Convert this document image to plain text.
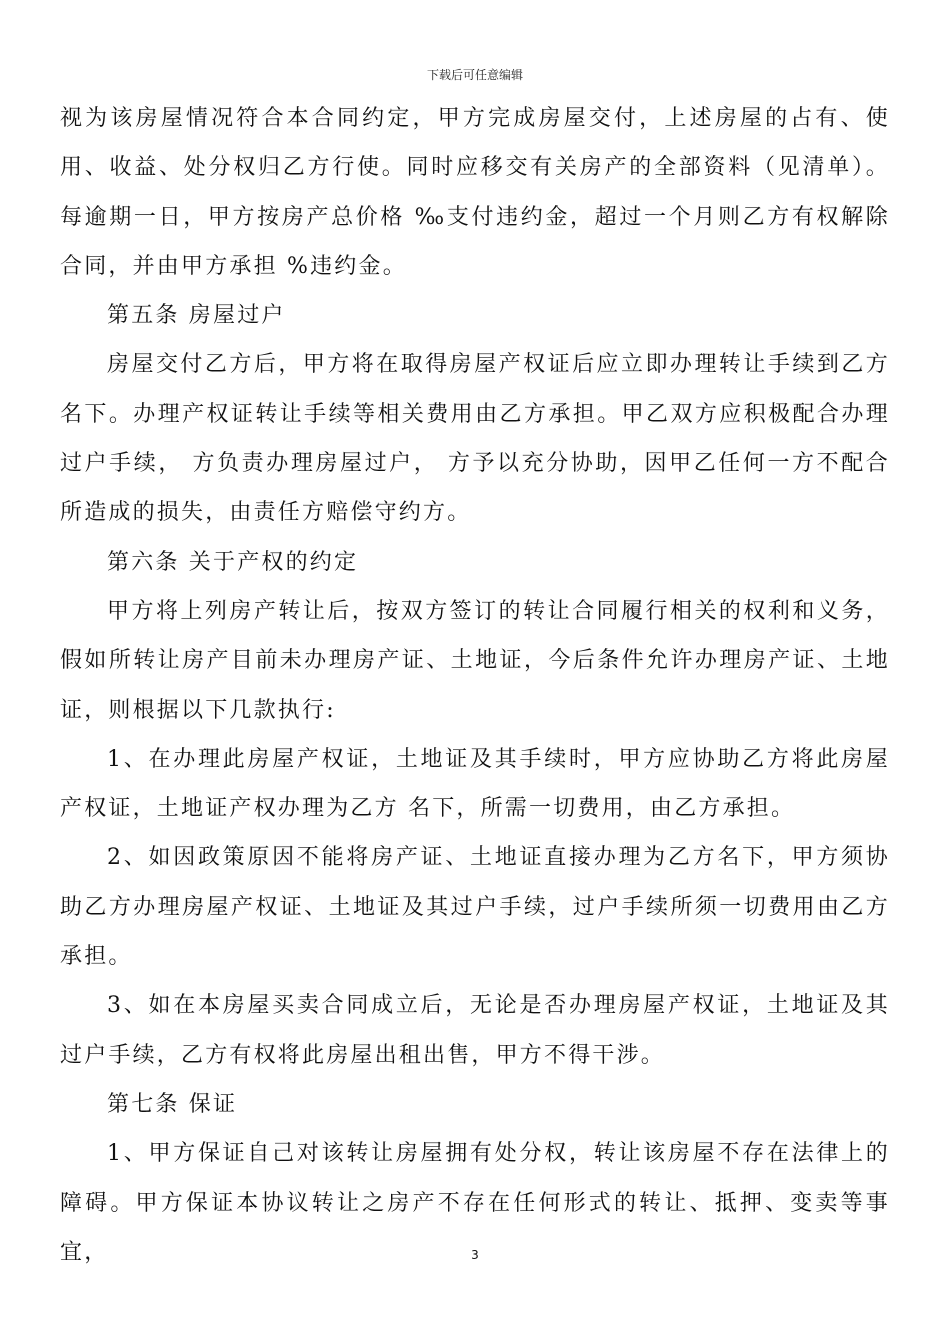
下载后可任意编辑

视为该房屋情况符合本合同约定，甲方完成房屋交付，上述房屋的占有、使用、收益、处分权归乙方行使。同时应移交有关房产的全部资料（见清单）。每逾期一日，甲方按房产总价格 ‰支付违约金，超过一个月则乙方有权解除合同，并由甲方承担 %违约金。

第五条 房屋过户

房屋交付乙方后，甲方将在取得房屋产权证后应立即办理转让手续到乙方名下。办理产权证转让手续等相关费用由乙方承担。甲乙双方应积极配合办理过户手续， 方负责办理房屋过户， 方予以充分协助，因甲乙任何一方不配合所造成的损失，由责任方赔偿守约方。

第六条 关于产权的约定

甲方将上列房产转让后，按双方签订的转让合同履行相关的权利和义务，假如所转让房产目前未办理房产证、土地证，今后条件允许办理房产证、土地证，则根据以下几款执行:

1、在办理此房屋产权证，土地证及其手续时，甲方应协助乙方将此房屋产权证，土地证产权办理为乙方 名下，所需一切费用，由乙方承担。

2、如因政策原因不能将房产证、土地证直接办理为乙方名下，甲方须协助乙方办理房屋产权证、土地证及其过户手续，过户手续所须一切费用由乙方承担。

3、如在本房屋买卖合同成立后，无论是否办理房屋产权证，土地证及其过户手续，乙方有权将此房屋出租出售，甲方不得干涉。

第七条 保证

1、甲方保证自己对该转让房屋拥有处分权，转让该房屋不存在法律上的障碍。甲方保证本协议转让之房产不存在任何形式的转让、抵押、变卖等事宜，	3
